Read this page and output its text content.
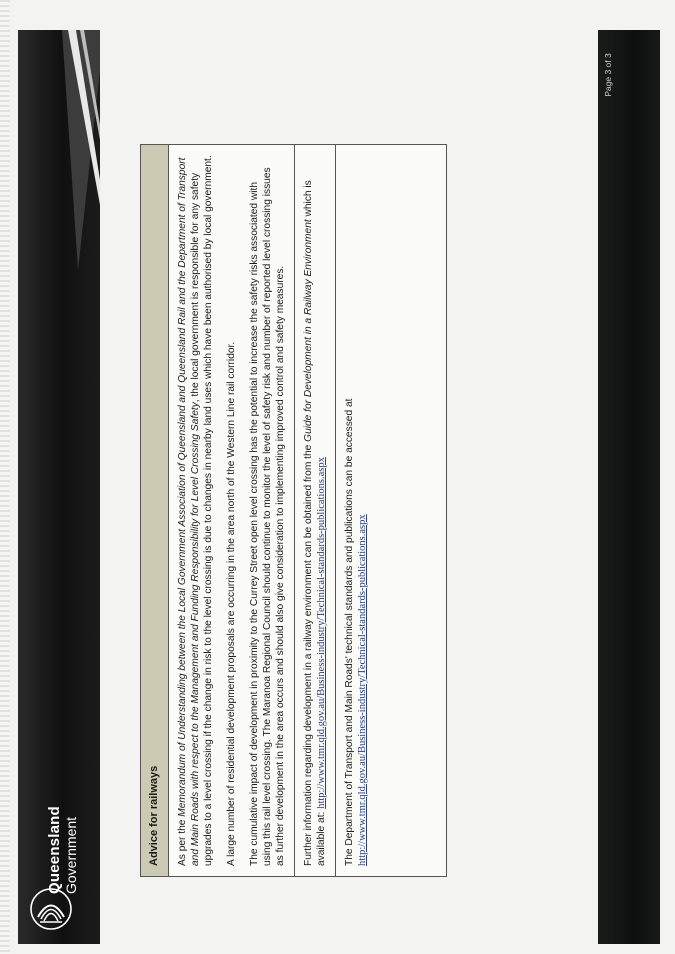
Queensland Government
Page 3 of 3
Advice for railways	As per the Memorandum of Understanding between the Local Government Association of Queensland and Queensland Rail and the Department of Transport and Main Roads with respect to the Management and Funding Responsibility for Level Crossing Safety, the local government is responsible for any safety upgrades to a level crossing if the change in risk to the level crossing is due to changes in nearby land uses which have been authorised by local government. A large number of residential development proposals are occurring in the area north of the Western Line rail corridor. The cumulative impact of development in proximity to the Currey Street open level crossing has the potential to increase the safety risks associated with using this rail level crossing. The Maranoa Regional Council should continue to monitor the level of safety risk and number of reported level crossing issues as further development in the area occurs and should also give consideration to implementing improved control and safety measures. Further information regarding development in a railway environment can be obtained from the Guide for Development in a Railway Environment which is available at: http://www.tmr.qld.gov.au/Business-industry/Technical-standards-publications.aspx The Department of Transport and Main Roads' technical standards and publications can be accessed at http://www.tmr.qld.gov.au/Business-industry/Technical-standards-publications.aspx
